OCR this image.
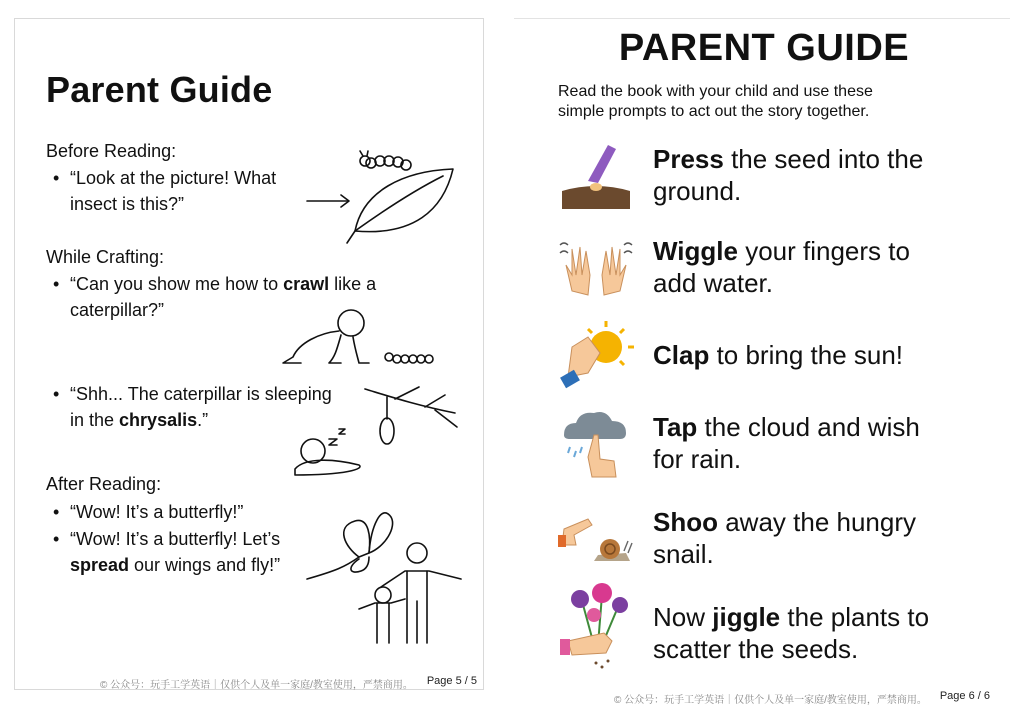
Parent Guide
Before Reading:
• “Look at the picture! What
insect is this?”
While Crafting:
• “Can you show me how to crawl like a
caterpillar?”
• “Shh... The caterpillar is sleeping
in the chrysalis.”
After Reading:
• “Wow! It’s a butterfly!”
• “Wow! It’s a butterfly! Let’s
spread our wings and fly!”
© 公众号：玩手工学英语｜仅供个人及单一家庭/教室使用，严禁商用。 Page 5 / 5
PARENT GUIDE
Read the book with your child and use these
simple prompts to act out the story together.
Press the seed into the
ground.
Wiggle your fingers to
add water.
Clap to bring the sun!
Tap the cloud and wish
for rain.
Shoo away the hungry
snail.
Now jiggle the plants to
scatter the seeds.
© 公众号：玩手工学英语｜仅供个人及单一家庭/教室使用，严禁商用。 Page 6 / 6
